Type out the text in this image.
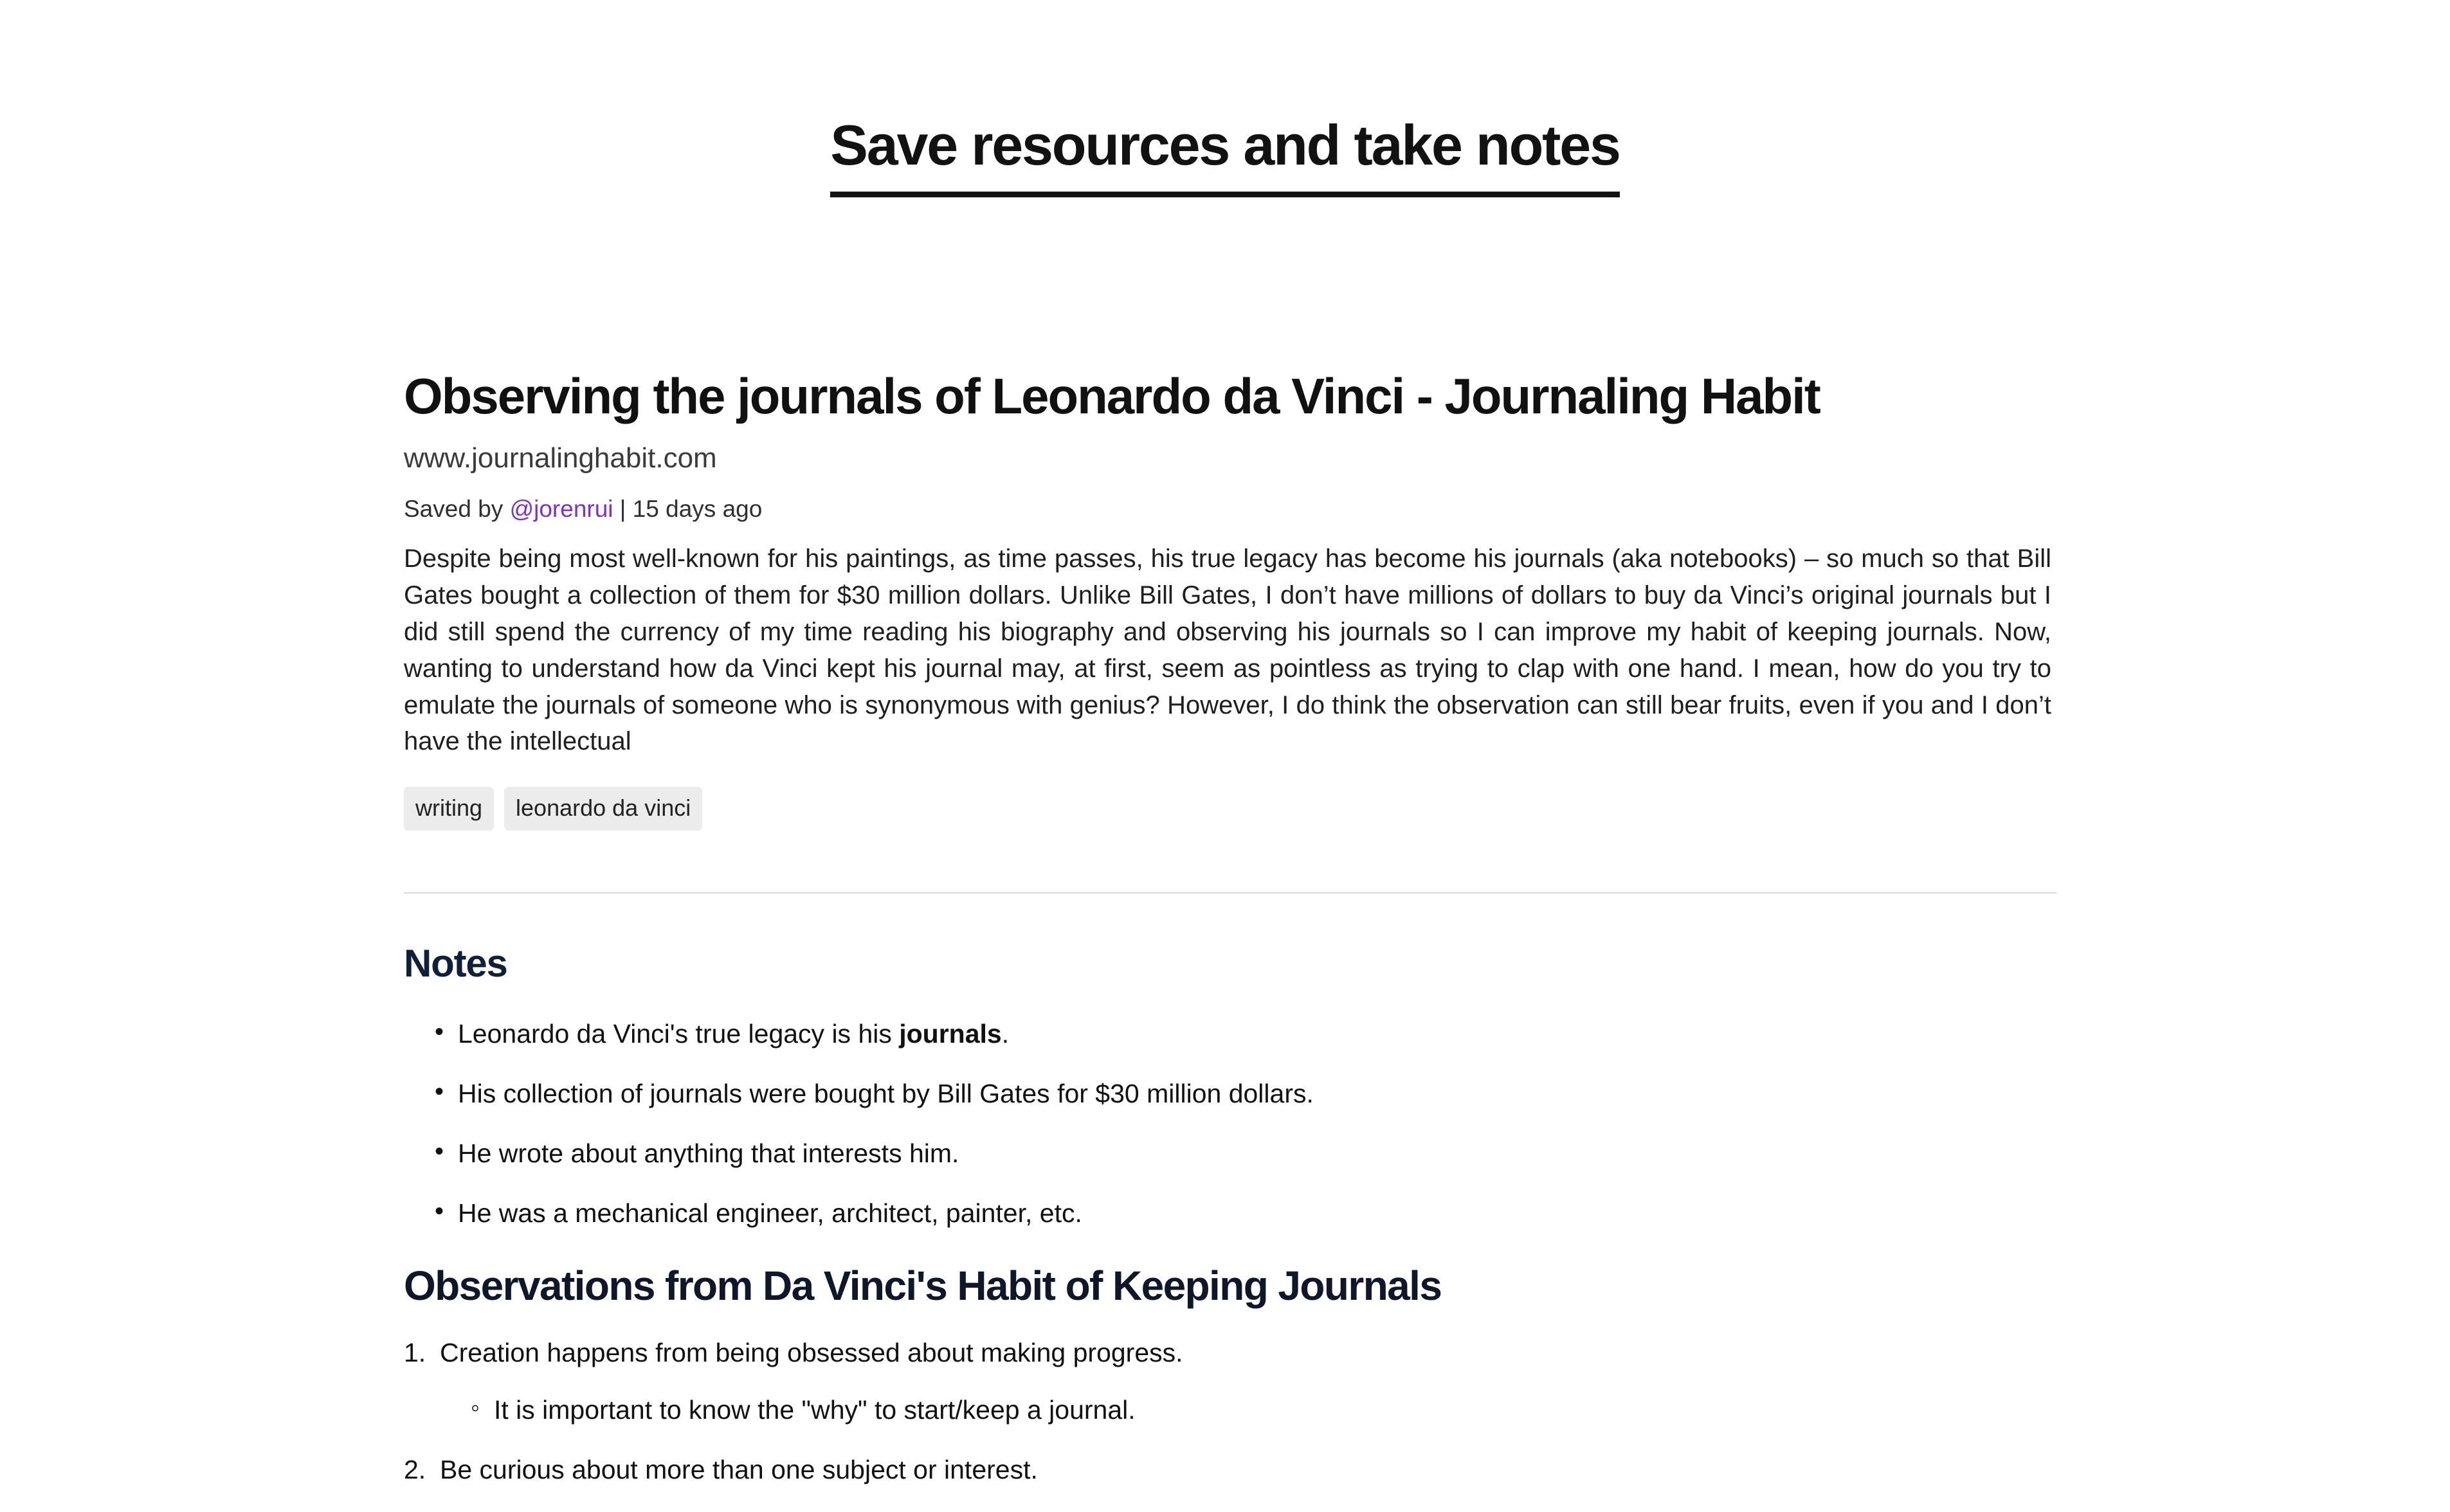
Save resources and take notes
Observing the journals of Leonardo da Vinci - Journaling Habit
www.journalinghabit.com
Saved by @jorenrui | 15 days ago

Despite being most well-known for his paintings, as time passes, his true legacy has become his journals (aka notebooks) – so much so that Bill Gates bought a collection of them for $30 million dollars. Unlike Bill Gates, I don’t have millions of dollars to buy da Vinci’s original journals but I did still spend the currency of my time reading his biography and observing his journals so I can improve my habit of keeping journals. Now, wanting to understand how da Vinci kept his journal may, at first, seem as pointless as trying to clap with one hand. I mean, how do you try to emulate the journals of someone who is synonymous with genius? However, I do think the observation can still bear fruits, even if you and I don’t have the intellectual

writing	leonardo da vinci
Notes
• Leonardo da Vinci's true legacy is his journals.
• His collection of journals were bought by Bill Gates for $30 million dollars.
• He wrote about anything that interests him.
• He was a mechanical engineer, architect, painter, etc.
Observations from Da Vinci's Habit of Keeping Journals
1. Creation happens from being obsessed about making progress.
◦ It is important to know the "why" to start/keep a journal.
2. Be curious about more than one subject or interest.
